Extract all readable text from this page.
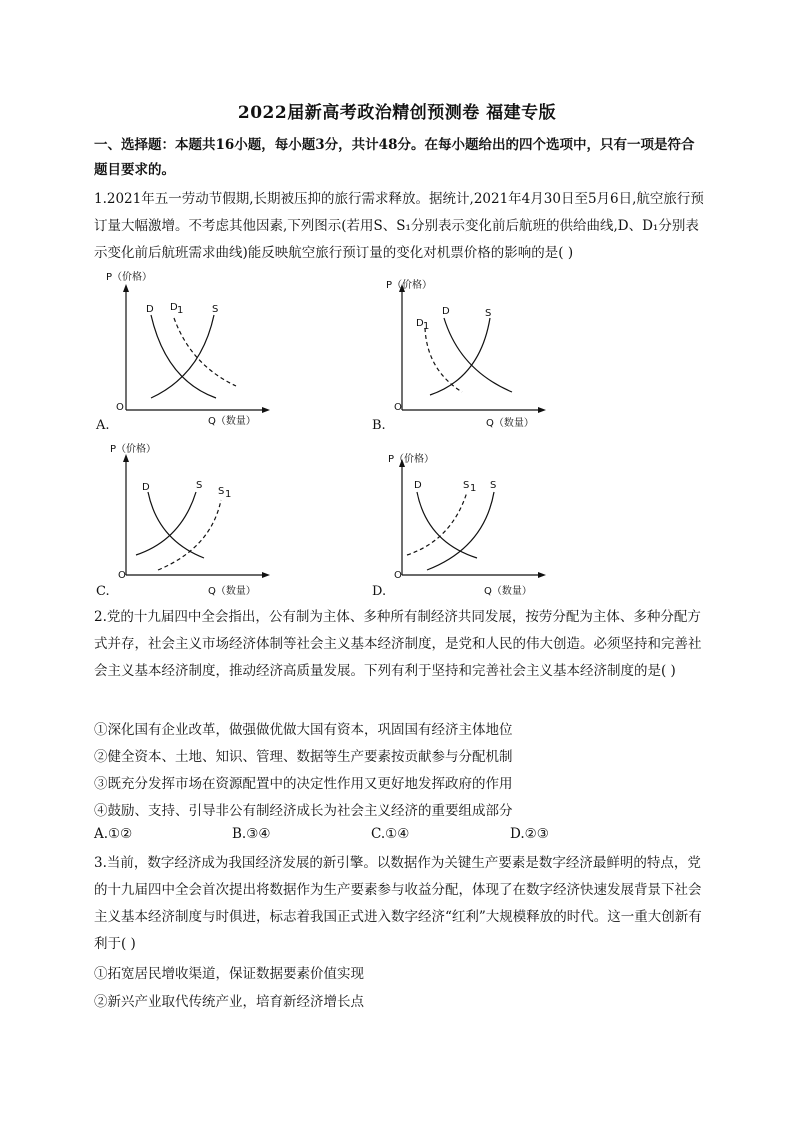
2022届新高考政治精创预测卷 福建专版
一、选择题：本题共16小题，每小题3分，共计48分。在每小题给出的四个选项中，只有一项是符合题目要求的。
1.2021年五一劳动节假期,长期被压抑的旅行需求释放。据统计,2021年4月30日至5月6日,航空旅行预订量大幅激增。不考虑其他因素,下列图示(若用S、S₁分别表示变化前后航班的供给曲线,D、D₁分别表示变化前后航班需求曲线)能反映航空旅行预订量的变化对机票价格的影响的是( )
P（价格）
Q（数量）
O
D D 1	S
A.
P（价格）
Q（数量）
O
D 1
D	S
B.
P（价格）
Q（数量）
O
D	S
S 1
C.
P（价格）
Q（数量）
O
D	S 1 S
D.
2.党的十九届四中全会指出，公有制为主体、多种所有制经济共同发展，按劳分配为主体、多种分配方式并存，社会主义市场经济体制等社会主义基本经济制度，是党和人民的伟大创造。必须坚持和完善社会主义基本经济制度，推动经济高质量发展。下列有利于坚持和完善社会主义基本经济制度的是( )
①深化国有企业改革，做强做优做大国有资本，巩固国有经济主体地位
②健全资本、土地、知识、管理、数据等生产要素按贡献参与分配机制
③既充分发挥市场在资源配置中的决定性作用又更好地发挥政府的作用
④鼓励、支持、引导非公有制经济成长为社会主义经济的重要组成部分
A.①②	B.③④	C.①④	D.②③
3.当前，数字经济成为我国经济发展的新引擎。以数据作为关键生产要素是数字经济最鲜明的特点，党的十九届四中全会首次提出将数据作为生产要素参与收益分配，体现了在数字经济快速发展背景下社会主义基本经济制度与时俱进，标志着我国正式进入数字经济“红利”大规模释放的时代。这一重大创新有利于( )
①拓宽居民增收渠道，保证数据要素价值实现
②新兴产业取代传统产业，培育新经济增长点
